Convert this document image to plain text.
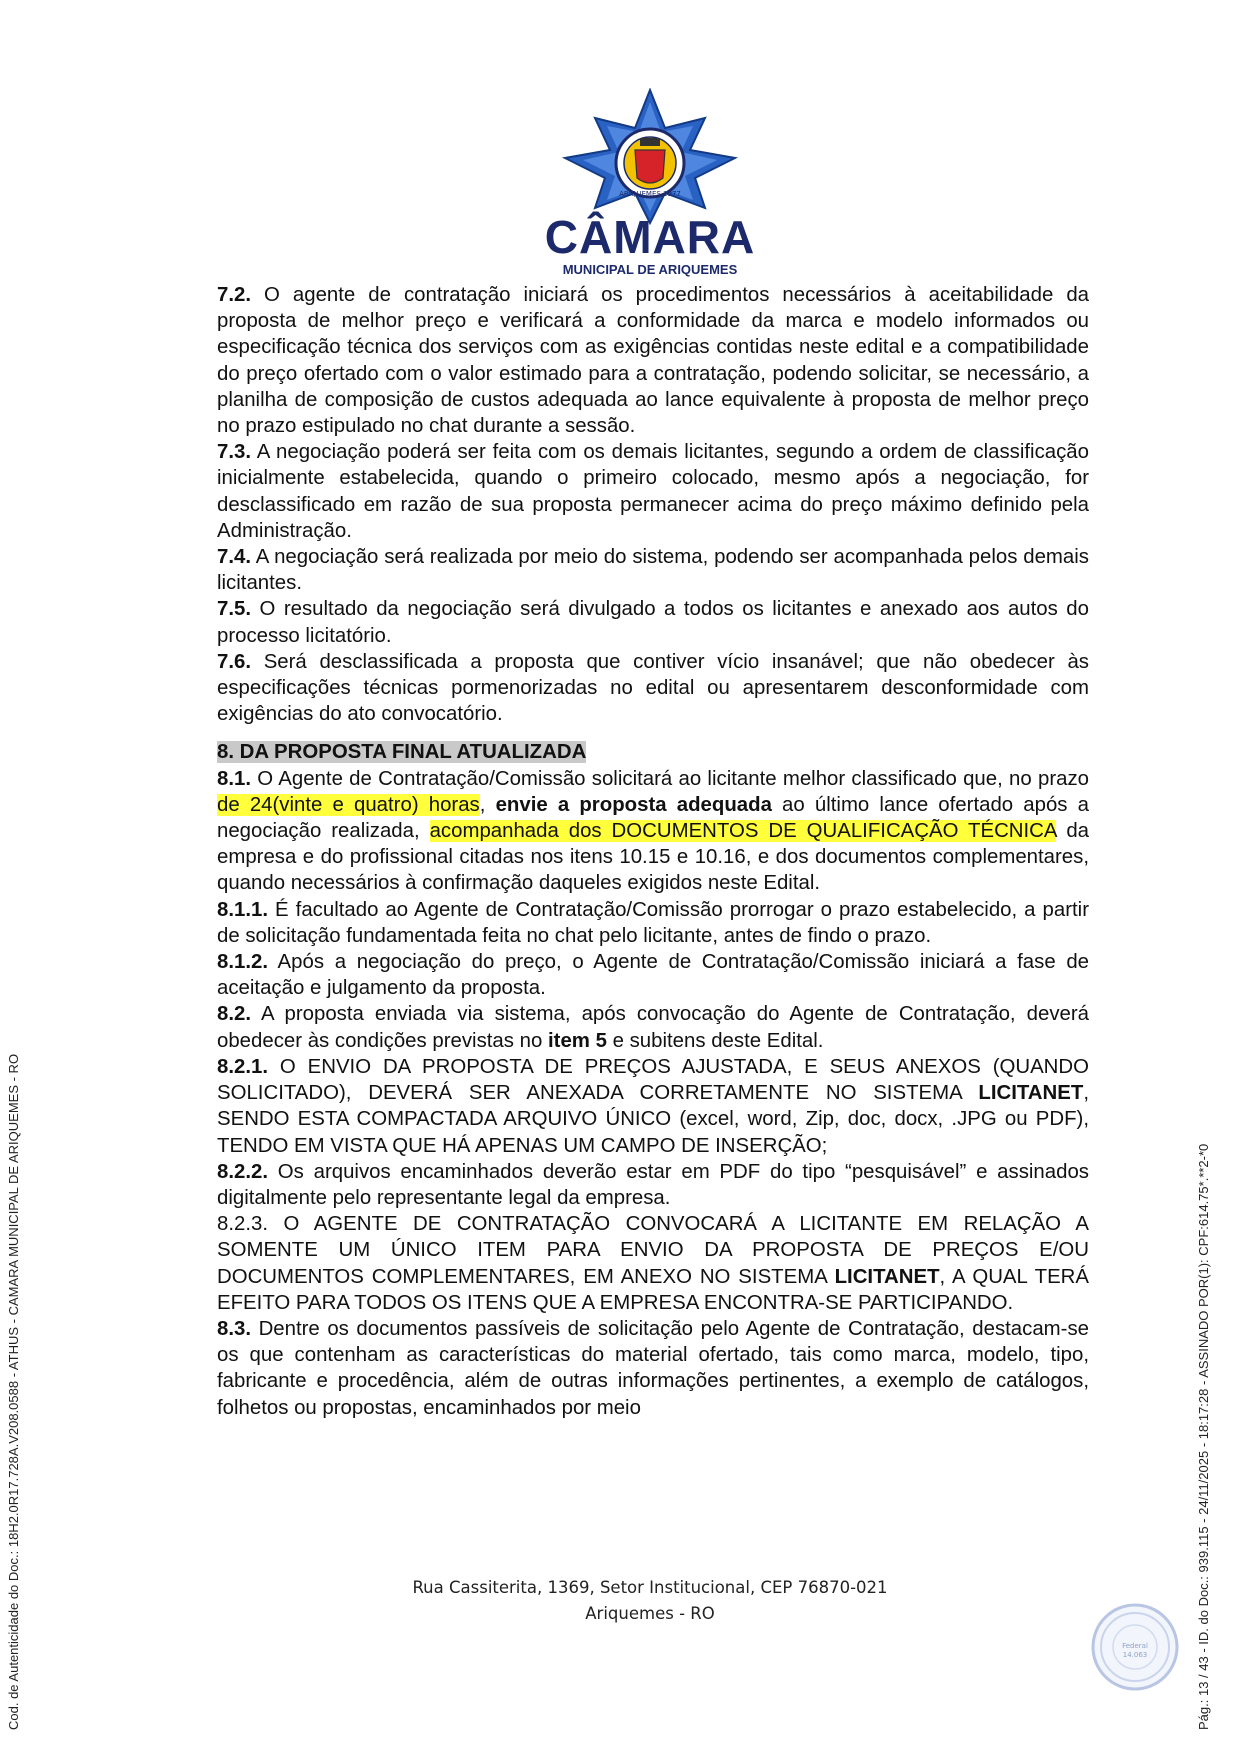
ARIQUEMES 1977
CÂMARA
MUNICIPAL DE ARIQUEMES

7.2. O agente de contratação iniciará os procedimentos necessários à aceitabilidade da proposta de melhor preço e verificará a conformidade da marca e modelo informados ou especificação técnica dos serviços com as exigências contidas neste edital e a compatibilidade do preço ofertado com o valor estimado para a contratação, podendo solicitar, se necessário, a planilha de composição de custos adequada ao lance equivalente à proposta de melhor preço no prazo estipulado no chat durante a sessão.

7.3. A negociação poderá ser feita com os demais licitantes, segundo a ordem de classificação inicialmente estabelecida, quando o primeiro colocado, mesmo após a negociação, for desclassificado em razão de sua proposta permanecer acima do preço máximo definido pela Administração.

7.4. A negociação será realizada por meio do sistema, podendo ser acompanhada pelos demais licitantes.

7.5. O resultado da negociação será divulgado a todos os licitantes e anexado aos autos do processo licitatório.

7.6. Será desclassificada a proposta que contiver vício insanável; que não obedecer às especificações técnicas pormenorizadas no edital ou apresentarem desconformidade com exigências do ato convocatório.

8. DA PROPOSTA FINAL ATUALIZADA

8.1. O Agente de Contratação/Comissão solicitará ao licitante melhor classificado que, no prazo de 24(vinte e quatro) horas, envie a proposta adequada ao último lance ofertado após a negociação realizada, acompanhada dos DOCUMENTOS DE QUALIFICAÇÃO TÉCNICA da empresa e do profissional citadas nos itens 10.15 e 10.16, e dos documentos complementares, quando necessários à confirmação daqueles exigidos neste Edital.

8.1.1. É facultado ao Agente de Contratação/Comissão prorrogar o prazo estabelecido, a partir de solicitação fundamentada feita no chat pelo licitante, antes de findo o prazo.

8.1.2. Após a negociação do preço, o Agente de Contratação/Comissão iniciará a fase de aceitação e julgamento da proposta.

8.2. A proposta enviada via sistema, após convocação do Agente de Contratação, deverá obedecer às condições previstas no item 5 e subitens deste Edital.

8.2.1. O ENVIO DA PROPOSTA DE PREÇOS AJUSTADA, E SEUS ANEXOS (QUANDO SOLICITADO), DEVERÁ SER ANEXADA CORRETAMENTE NO SISTEMA LICITANET, SENDO ESTA COMPACTADA ARQUIVO ÚNICO (excel, word, Zip, doc, docx, .JPG ou PDF), TENDO EM VISTA QUE HÁ APENAS UM CAMPO DE INSERÇÃO;

8.2.2. Os arquivos encaminhados deverão estar em PDF do tipo “pesquisável” e assinados digitalmente pelo representante legal da empresa.

8.2.3. O AGENTE DE CONTRATAÇÃO CONVOCARÁ A LICITANTE EM RELAÇÃO A SOMENTE UM ÚNICO ITEM PARA ENVIO DA PROPOSTA DE PREÇOS E/OU DOCUMENTOS COMPLEMENTARES, EM ANEXO NO SISTEMA LICITANET, A QUAL TERÁ EFEITO PARA TODOS OS ITENS QUE A EMPRESA ENCONTRA-SE PARTICIPANDO.

8.3. Dentre os documentos passíveis de solicitação pelo Agente de Contratação, destacam-se os que contenham as características do material ofertado, tais como marca, modelo, tipo, fabricante e procedência, além de outras informações pertinentes, a exemplo de catálogos, folhetos ou propostas, encaminhados por meio

Rua Cassiterita, 1369, Setor Institucional, CEP 76870-021
Ariquemes - RO
Cod. de Autenticidade do Doc.: 18H2.0R17.728A.V208.0588 - ATHUS - CAMARA MUNICIPAL DE ARIQUEMES - RO	Pág.: 13 / 43 - ID. do Doc.: 939.115 - 24/11/2025 - 18:17:28 - ASSINADO POR(1): CPF:614.75*.**2-*0
Federal
14.063
